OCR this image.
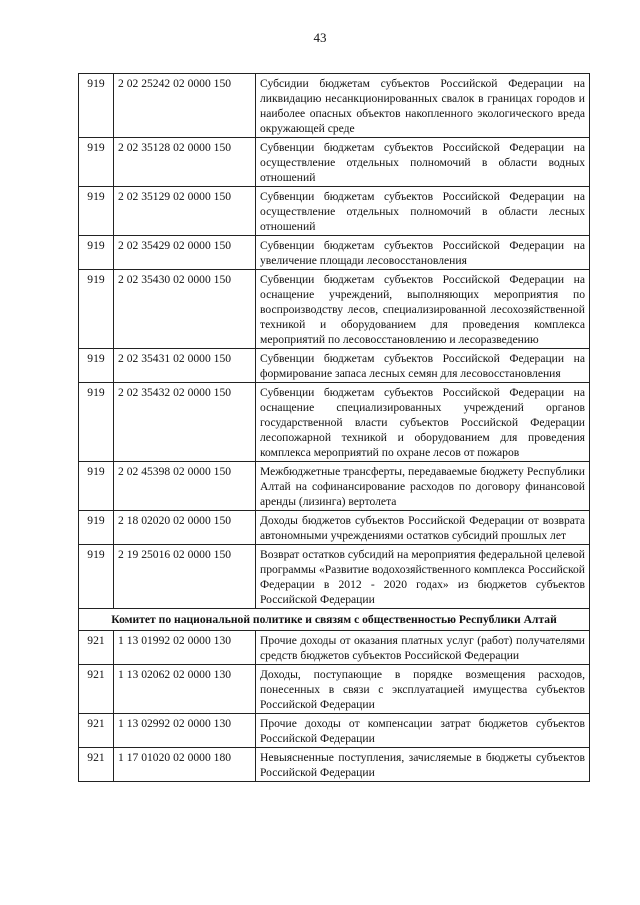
43
919	2 02 25242 02 0000 150	Субсидии бюджетам субъектов Российской Федерации на ликвидацию несанкционированных свалок в границах городов и наиболее опасных объектов накопленного экологического вреда окружающей среде
919	2 02 35128 02 0000 150	Субвенции бюджетам субъектов Российской Федерации на осуществление отдельных полномочий в области водных отношений
919	2 02 35129 02 0000 150	Субвенции бюджетам субъектов Российской Федерации на осуществление отдельных полномочий в области лесных отношений
919	2 02 35429 02 0000 150	Субвенции бюджетам субъектов Российской Федерации на увеличение площади лесовосстановления
919	2 02 35430 02 0000 150	Субвенции бюджетам субъектов Российской Федерации на оснащение учреждений, выполняющих мероприятия по воспроизводству лесов, специализированной лесохозяйственной техникой и оборудованием для проведения комплекса мероприятий по лесовосстановлению и лесоразведению
919	2 02 35431 02 0000 150	Субвенции бюджетам субъектов Российской Федерации на формирование запаса лесных семян для лесовосстановления
919	2 02 35432 02 0000 150	Субвенции бюджетам субъектов Российской Федерации на оснащение специализированных учреждений органов государственной власти субъектов Российской Федерации лесопожарной техникой и оборудованием для проведения комплекса мероприятий по охране лесов от пожаров
919	2 02 45398 02 0000 150	Межбюджетные трансферты, передаваемые бюджету Республики Алтай на софинансирование расходов по договору финансовой аренды (лизинга) вертолета
919	2 18 02020 02 0000 150	Доходы бюджетов субъектов Российской Федерации от возврата автономными учреждениями остатков субсидий прошлых лет
919	2 19 25016 02 0000 150	Возврат остатков субсидий на мероприятия федеральной целевой программы «Развитие водохозяйственного комплекса Российской Федерации в 2012 - 2020 годах» из бюджетов субъектов Российской Федерации
Комитет по национальной политике и связям с общественностью Республики Алтай		
921	1 13 01992 02 0000 130	Прочие доходы от оказания платных услуг (работ) получателями средств бюджетов субъектов Российской Федерации
921	1 13 02062 02 0000 130	Доходы, поступающие в порядке возмещения расходов, понесенных в связи с эксплуатацией имущества субъектов Российской Федерации
921	1 13 02992 02 0000 130	Прочие доходы от компенсации затрат бюджетов субъектов Российской Федерации
921	1 17 01020 02 0000 180	Невыясненные поступления, зачисляемые в бюджеты субъектов Российской Федерации
